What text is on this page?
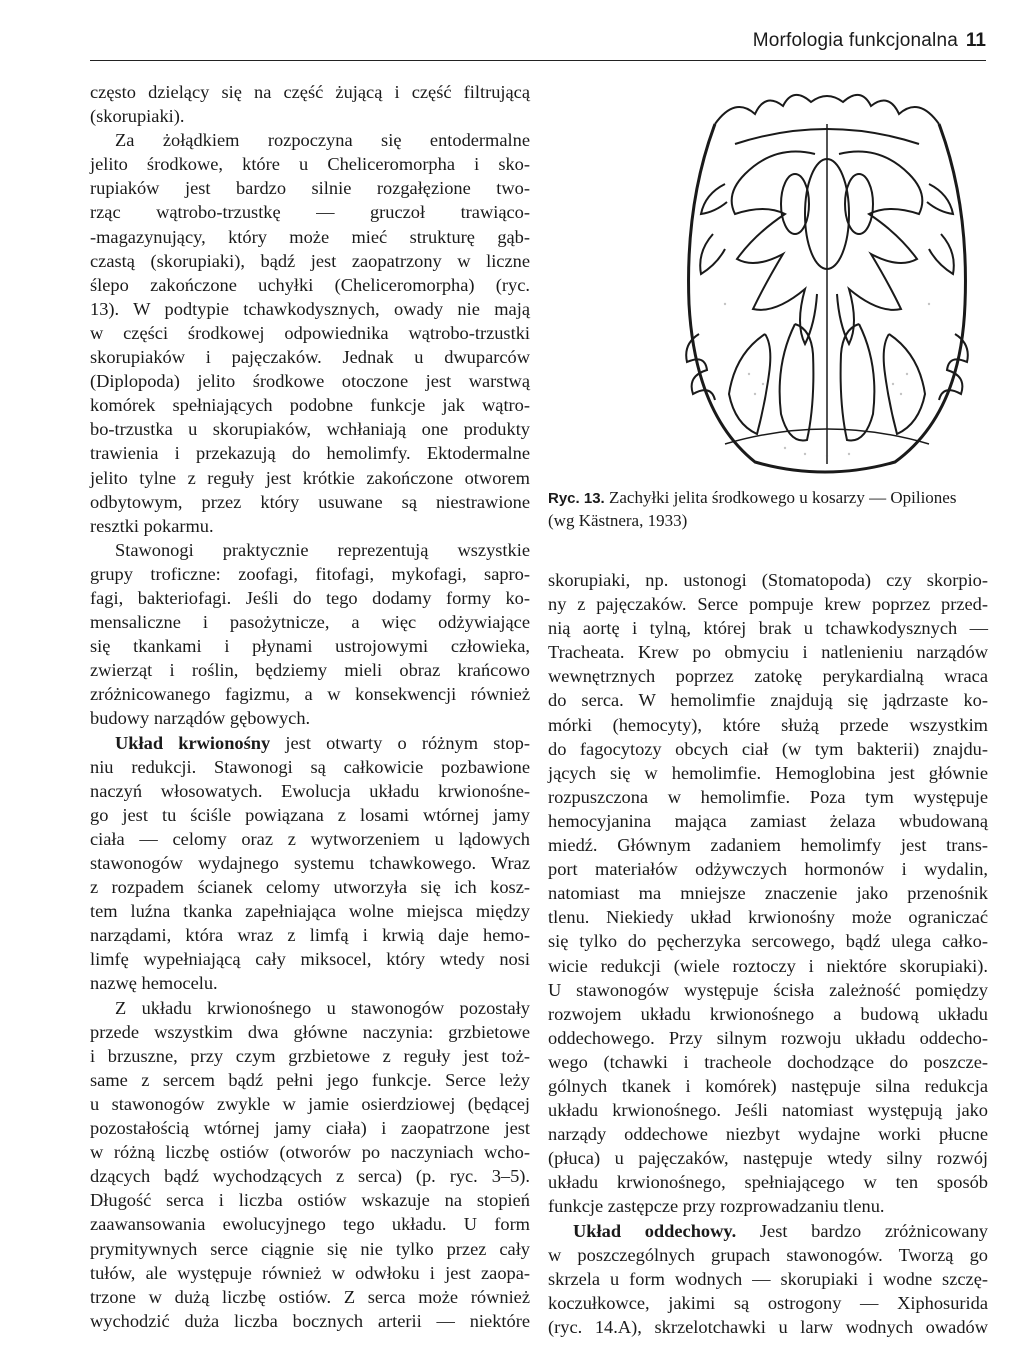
Morfologia funkcjonalna 11
często dzielący się na część żującą i część filtrującą
(skorupiaki).
Za żołądkiem rozpoczyna się entodermalne
jelito środkowe, które u Cheliceromorpha i sko-
rupiaków jest bardzo silnie rozgałęzione two-
rząc wątrobo-trzustkę — gruczoł trawiąco-
-magazynujący, który może mieć strukturę gąb-
czastą (skorupiaki), bądź jest zaopatrzony w liczne
ślepo zakończone uchyłki (Cheliceromorpha) (ryc.
13). W podtypie tchawkodysznych, owady nie mają
w części środkowej odpowiednika wątrobo-trzustki
skorupiaków i pajęczaków. Jednak u dwuparców
(Diplopoda) jelito środkowe otoczone jest warstwą
komórek spełniających podobne funkcje jak wątro-
bo-trzustka u skorupiaków, wchłaniają one produkty
trawienia i przekazują do hemolimfy. Ektodermalne
jelito tylne z reguły jest krótkie zakończone otworem
odbytowym, przez który usuwane są niestrawione
resztki pokarmu.
Stawonogi praktycznie reprezentują wszystkie
grupy troficzne: zoofagi, fitofagi, mykofagi, sapro-
fagi, bakteriofagi. Jeśli do tego dodamy formy ko-
mensaliczne i pasożytnicze, a więc odżywiające
się tkankami i płynami ustrojowymi człowieka,
zwierząt i roślin, będziemy mieli obraz krańcowo
zróżnicowanego fagizmu, a w konsekwencji również
budowy narządów gębowych.
Układ krwionośny jest otwarty o różnym stop-
niu redukcji. Stawonogi są całkowicie pozbawione
naczyń włosowatych. Ewolucja układu krwionośne-
go jest tu ściśle powiązana z losami wtórnej jamy
ciała — celomy oraz z wytworzeniem u lądowych
stawonogów wydajnego systemu tchawkowego. Wraz
z rozpadem ścianek celomy utworzyła się ich kosz-
tem luźna tkanka zapełniająca wolne miejsca między
narządami, która wraz z limfą i krwią daje hemo-
limfę wypełniającą cały miksocel, który wtedy nosi
nazwę hemocelu.
Z układu krwionośnego u stawonogów pozostały
przede wszystkim dwa główne naczynia: grzbietowe
i brzuszne, przy czym grzbietowe z reguły jest toż-
same z sercem bądź pełni jego funkcje. Serce leży
u stawonogów zwykle w jamie osierdziowej (będącej
pozostałością wtórnej jamy ciała) i zaopatrzone jest
w różną liczbę ostiów (otworów po naczyniach wcho-
dzących bądź wychodzących z serca) (p. ryc. 3–5).
Długość serca i liczba ostiów wskazuje na stopień
zaawansowania ewolucyjnego tego układu. U form
prymitywnych serce ciągnie się nie tylko przez cały
tułów, ale występuje również w odwłoku i jest zaopa-
trzone w dużą liczbę ostiów. Z serca może również
wychodzić duża liczba bocznych arterii — niektóre
Ryc. 13. Zachyłki jelita środkowego u kosarzy — Opiliones
(wg Kästnera, 1933)
skorupiaki, np. ustonogi (Stomatopoda) czy skorpio-
ny z pajęczaków. Serce pompuje krew poprzez przed-
nią aortę i tylną, której brak u tchawkodysznych —
Tracheata. Krew po obmyciu i natlenieniu narządów
wewnętrznych poprzez zatokę perykardialną wraca
do serca. W hemolimfie znajdują się jądrzaste ko-
mórki (hemocyty), które służą przede wszystkim
do fagocytozy obcych ciał (w tym bakterii) znajdu-
jących się w hemolimfie. Hemoglobina jest głównie
rozpuszczona w hemolimfie. Poza tym występuje
hemocyjanina mająca zamiast żelaza wbudowaną
miedź. Głównym zadaniem hemolimfy jest trans-
port materiałów odżywczych hormonów i wydalin,
natomiast ma mniejsze znaczenie jako przenośnik
tlenu. Niekiedy układ krwionośny może ograniczać
się tylko do pęcherzyka sercowego, bądź ulega całko-
wicie redukcji (wiele roztoczy i niektóre skorupiaki).
U stawonogów występuje ścisła zależność pomiędzy
rozwojem układu krwionośnego a budową układu
oddechowego. Przy silnym rozwoju układu oddecho-
wego (tchawki i tracheole dochodzące do poszcze-
gólnych tkanek i komórek) następuje silna redukcja
układu krwionośnego. Jeśli natomiast występują jako
narządy oddechowe niezbyt wydajne worki płucne
(płuca) u pajęczaków, następuje wtedy silny rozwój
układu krwionośnego, spełniającego w ten sposób
funkcje zastępcze przy rozprowadzaniu tlenu.
Układ oddechowy. Jest bardzo zróżnicowany
w poszczególnych grupach stawonogów. Tworzą go
skrzela u form wodnych — skorupiaki i wodne szczę-
koczułkowce, jakimi są ostrogony — Xiphosurida
(ryc. 14.A), skrzelotchawki u larw wodnych owadów
